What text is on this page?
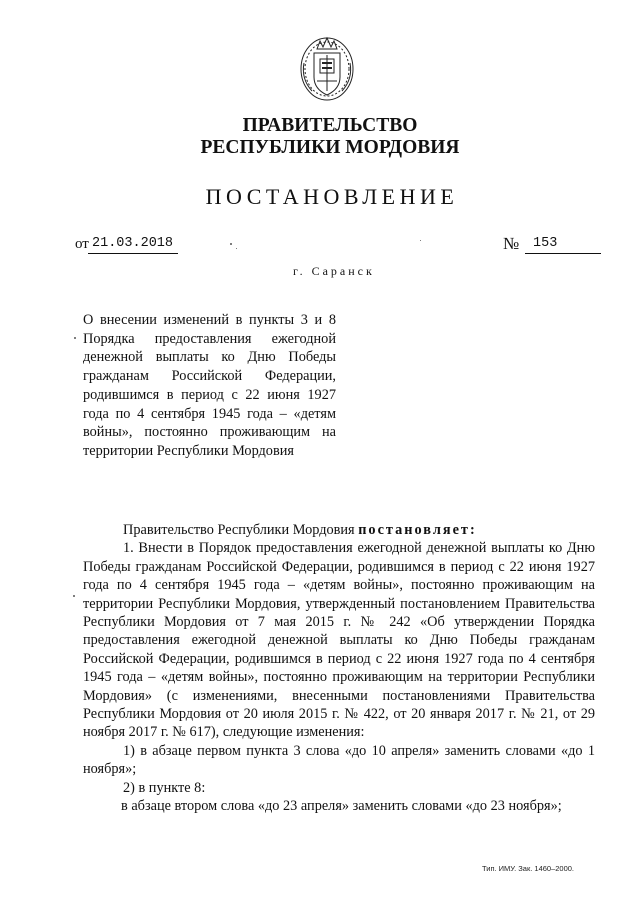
ПРАВИТЕЛЬСТВО
РЕСПУБЛИКИ МОРДОВИЯ
ПОСТАНОВЛЕНИЕ
от 21.03.2018	№	153
г. Саранск
О внесении изменений в пункты 3 и 8 Порядка предоставления ежегодной денежной выплаты ко Дню Победы гражданам Российской Федерации, родившимся в период с 22 июня 1927 года по 4 сентября 1945 года – «детям войны», постоянно проживающим на территории Республики Мордовия

Правительство Республики Мордовия постановляет:

1. Внести в Порядок предоставления ежегодной денежной выплаты ко Дню Победы гражданам Российской Федерации, родившимся в период с 22 июня 1927 года по 4 сентября 1945 года – «детям войны», постоянно проживающим на территории Республики Мордовия, утвержденный постановлением Правительства Республики Мордовия от 7 мая 2015 г. № 242 «Об утверждении Порядка предоставления ежегодной денежной выплаты ко Дню Победы гражданам Российской Федерации, родившимся в период с 22 июня 1927 года по 4 сентября 1945 года – «детям войны», постоянно проживающим на территории Республики Мордовия» (с изменениями, внесенными постановлениями Правительства Республики Мордовия от 20 июля 2015 г. № 422, от 20 января 2017 г. № 21, от 29 ноября 2017 г. № 617), следующие изменения:

1) в абзаце первом пункта 3 слова «до 10 апреля» заменить словами «до 1 ноября»;

2) в пункте 8:

в абзаце втором слова «до 23 апреля» заменить словами «до 23 ноября»;

Тип. ИМУ. Зак. 1460–2000.
